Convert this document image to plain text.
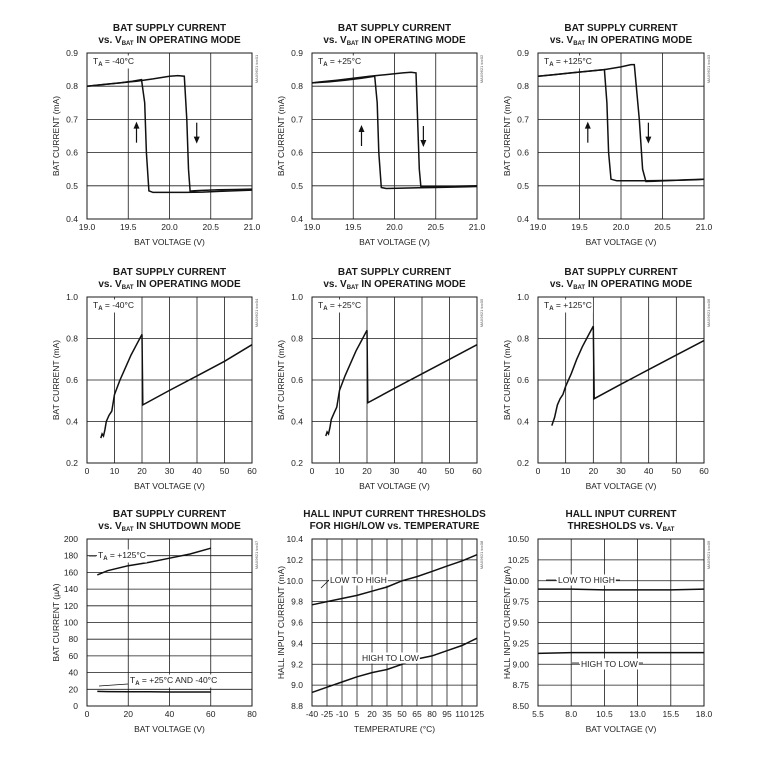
BAT SUPPLY CURRENT
vs. $V_{BAT}$ IN OPERATING MODE
19.0	19.5	20.0	20.5	21.0
0.4
0.5
0.6
0.7
0.8
0.9
BAT VOLTAGE (V)
BAT CURRENT (mA)
MAX9621 toc01
$T_A = -40^\circ C$
BAT SUPPLY CURRENT
vs. $V_{BAT}$ IN OPERATING MODE
19.0	19.5	20.0	20.5	21.0
0.4
0.5
0.6
0.7
0.8
0.9
BAT VOLTAGE (V)
BAT CURRENT (mA)
MAX9621 toc02
$T_A = +25^\circ C$
BAT SUPPLY CURRENT
vs. $V_{BAT}$ IN OPERATING MODE
19.0	19.5	20.0	20.5	21.0
0.4
0.5
0.6
0.7
0.8
0.9
BAT VOLTAGE (V)
BAT CURRENT (mA)
MAX9621 toc03
$T_A = +125^\circ C$
BAT SUPPLY CURRENT
vs. $V_{BAT}$ IN OPERATING MODE
0 10 20 30 40 50 60
0.2
0.4
0.6
0.8
1.0
BAT VOLTAGE (V)
BAT CURRENT (mA)
MAX9621 toc04
$T_A = -40^\circ C$
BAT SUPPLY CURRENT
vs. $V_{BAT}$ IN OPERATING MODE
0 10 20 30 40 50 60
0.2
0.4
0.6
0.8
1.0
BAT VOLTAGE (V)
BAT CURRENT (mA)
MAX9621 toc05
$T_A = +25^\circ C$
BAT SUPPLY CURRENT
vs. $V_{BAT}$ IN OPERATING MODE
0 10 20 30 40 50 60
0.2
0.4
0.6
0.8
1.0
BAT VOLTAGE (V)
BAT CURRENT (mA)
MAX9621 toc06
$T_A = +125^\circ C$
BAT SUPPLY CURRENT
vs. $V_{BAT}$ IN SHUTDOWN MODE
0	20	40	60	80
0
20
40
60
80
100
120
140
160
180
200
BAT VOLTAGE (V)
BAT CURRENT (µA)
MAX9621 toc07
$T_A = +125^\circ C$
$T_A = +25^\circ C$ AND -40°C
HALL INPUT CURRENT THRESHOLDS
FOR HIGH/LOW vs. TEMPERATURE
-40 -25 -10 5 20 35 50 65 80 95 110 125
8.8
9.0
9.2
9.4
9.6
9.8
10.0
10.2
10.4
TEMPERATURE (°C)
HALL INPUT CURRENT (mA)
MAX9621 toc08
LOW TO HIGH
HIGH TO LOW
HALL INPUT CURRENT
THRESHOLDS vs. $V_{BAT}$
5.5	8.0 10.5 13.0 15.5 18.0
8.50
8.75
9.00
9.25
9.50
9.75
10.00
10.25
10.50
BAT VOLTAGE (V)
HALL INPUT CURRENT (mA)
MAX9621 toc09
LOW TO HIGH
HIGH TO LOW
